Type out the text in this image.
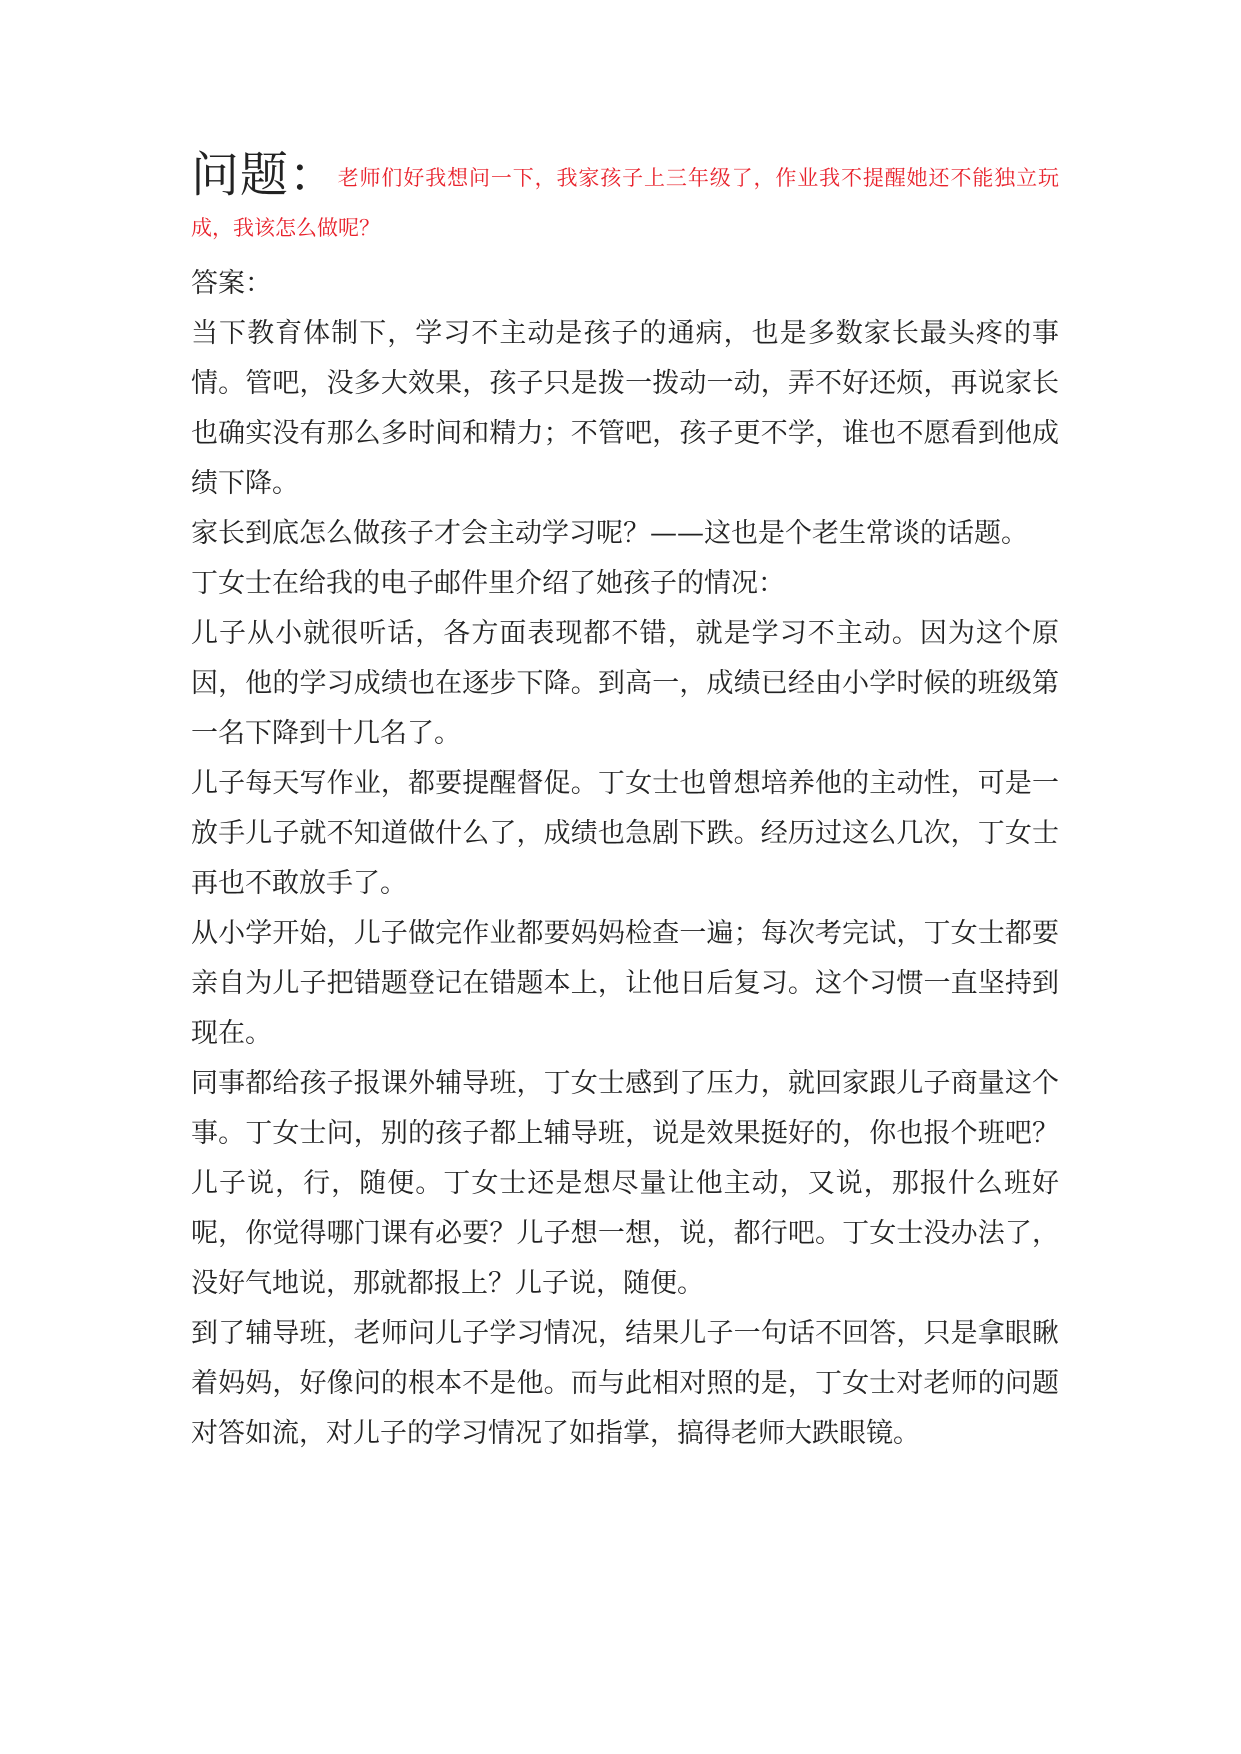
问题：老师们好我想问一下，我家孩子上三年级了，作业我不提醒她还不能独立玩成，我该怎么做呢？
答案：

当下教育体制下，学习不主动是孩子的通病，也是多数家长最头疼的事情。管吧，没多大效果，孩子只是拨一拨动一动，弄不好还烦，再说家长也确实没有那么多时间和精力；不管吧，孩子更不学，谁也不愿看到他成绩下降。

家长到底怎么做孩子才会主动学习呢？——这也是个老生常谈的话题。

丁女士在给我的电子邮件里介绍了她孩子的情况：

儿子从小就很听话，各方面表现都不错，就是学习不主动。因为这个原因，他的学习成绩也在逐步下降。到高一，成绩已经由小学时候的班级第一名下降到十几名了。

儿子每天写作业，都要提醒督促。丁女士也曾想培养他的主动性，可是一放手儿子就不知道做什么了，成绩也急剧下跌。经历过这么几次，丁女士再也不敢放手了。

从小学开始，儿子做完作业都要妈妈检查一遍；每次考完试，丁女士都要亲自为儿子把错题登记在错题本上，让他日后复习。这个习惯一直坚持到现在。

同事都给孩子报课外辅导班，丁女士感到了压力，就回家跟儿子商量这个事。丁女士问，别的孩子都上辅导班，说是效果挺好的，你也报个班吧？儿子说，行，随便。丁女士还是想尽量让他主动，又说，那报什么班好呢，你觉得哪门课有必要？儿子想一想，说，都行吧。丁女士没办法了，没好气地说，那就都报上？儿子说，随便。

到了辅导班，老师问儿子学习情况，结果儿子一句话不回答，只是拿眼瞅着妈妈，好像问的根本不是他。而与此相对照的是，丁女士对老师的问题对答如流，对儿子的学习情况了如指掌，搞得老师大跌眼镜。
